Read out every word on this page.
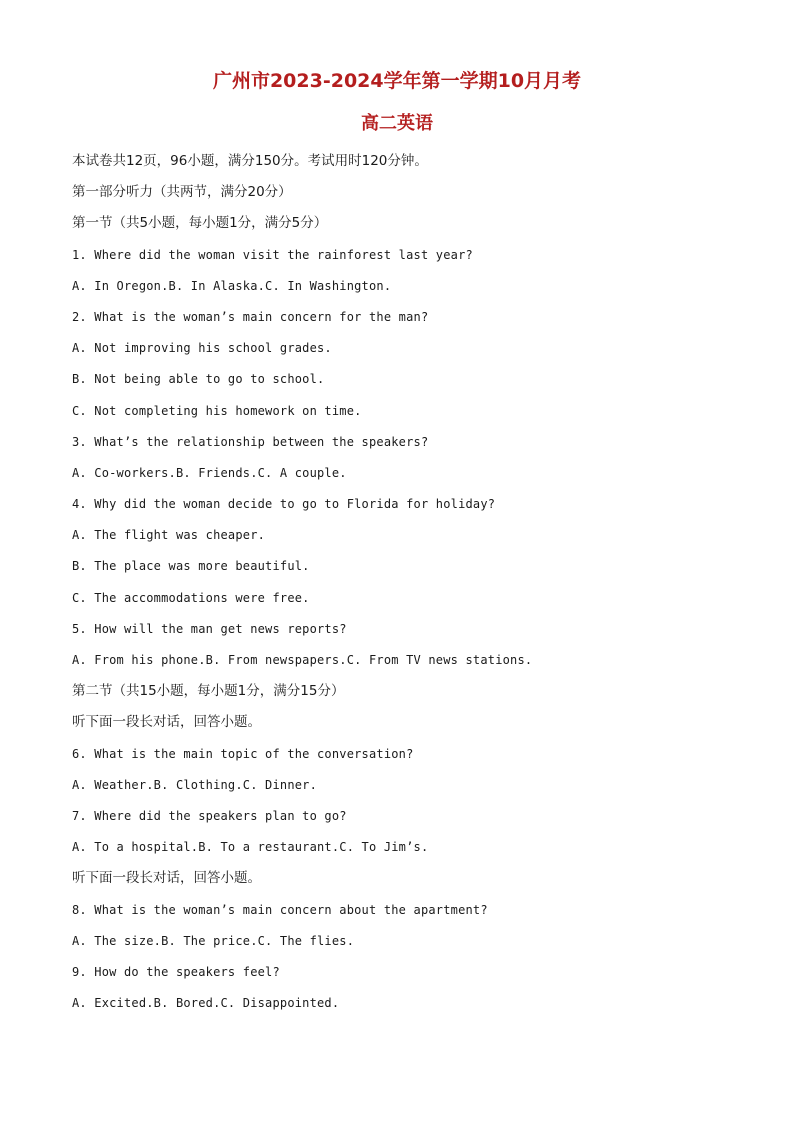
广州市2023-2024学年第一学期10月月考
高二英语

本试卷共12页，96小题，满分150分。考试用时120分钟。

第一部分听力（共两节，满分20分）

第一节（共5小题，每小题1分，满分5分）

1. Where did the woman visit the rainforest last year?

A. In Oregon.B. In Alaska.C. In Washington.

2. What is the woman’s main concern for the man?

A. Not improving his school grades.

B. Not being able to go to school.

C. Not completing his homework on time.

3. What’s the relationship between the speakers?

A. Co-workers.B. Friends.C. A couple.

4. Why did the woman decide to go to Florida for holiday?

A. The flight was cheaper.

B. The place was more beautiful.

C. The accommodations were free.

5. How will the man get news reports?

A. From his phone.B. From newspapers.C. From TV news stations.

第二节（共15小题，每小题1分，满分15分）

听下面一段长对话，回答小题。

6. What is the main topic of the conversation?

A. Weather.B. Clothing.C. Dinner.

7. Where did the speakers plan to go?

A. To a hospital.B. To a restaurant.C. To Jim’s.

听下面一段长对话，回答小题。

8. What is the woman’s main concern about the apartment?

A. The size.B. The price.C. The flies.

9. How do the speakers feel?

A. Excited.B. Bored.C. Disappointed.
